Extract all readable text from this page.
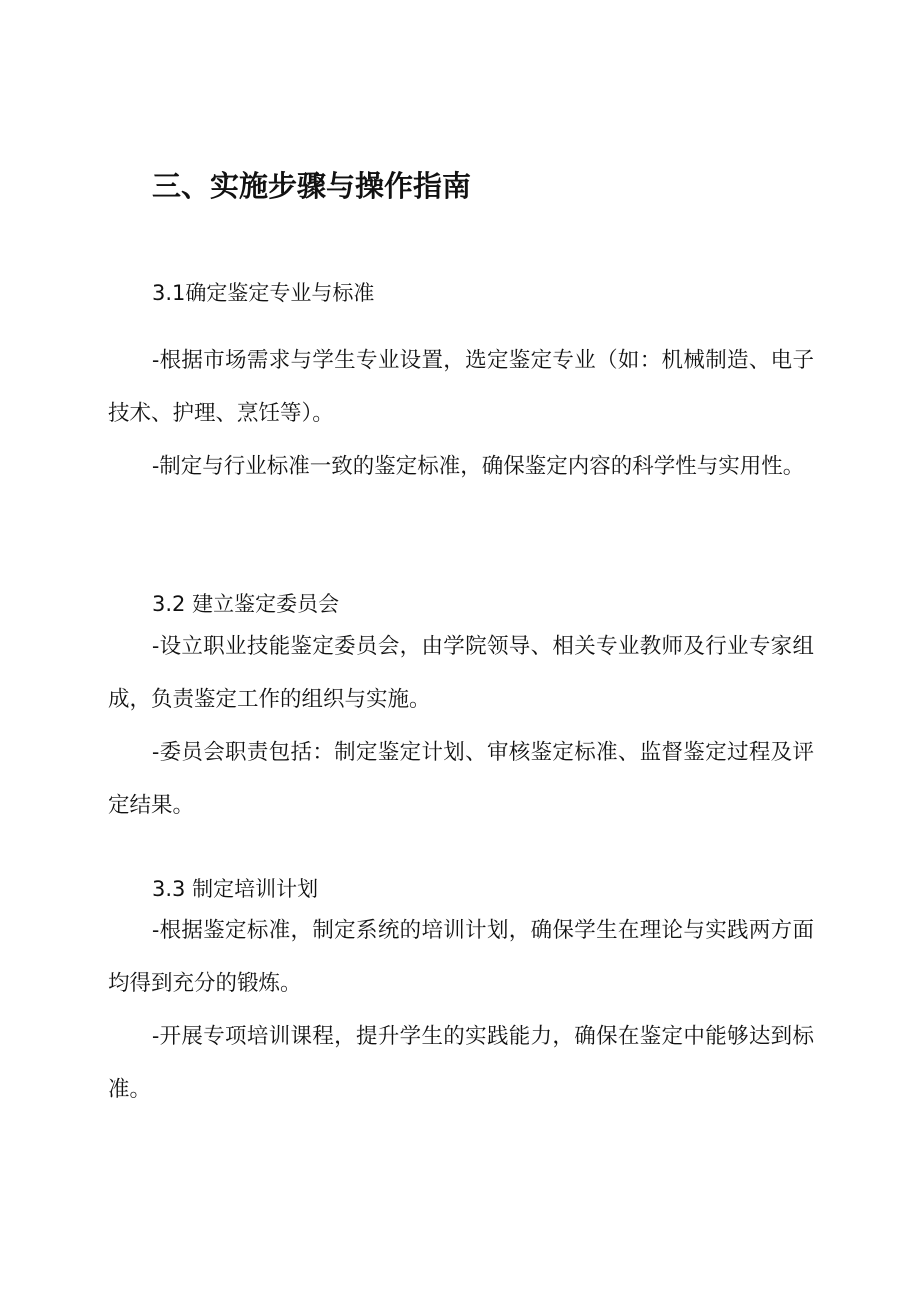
三、实施步骤与操作指南
3.1确定鉴定专业与标准

-根据市场需求与学生专业设置，选定鉴定专业（如：机械制造、电子技术、护理、烹饪等）。

-制定与行业标准一致的鉴定标准，确保鉴定内容的科学性与实用性。

3.2 建立鉴定委员会

-设立职业技能鉴定委员会，由学院领导、相关专业教师及行业专家组成，负责鉴定工作的组织与实施。

-委员会职责包括：制定鉴定计划、审核鉴定标准、监督鉴定过程及评定结果。

3.3 制定培训计划

-根据鉴定标准，制定系统的培训计划，确保学生在理论与实践两方面均得到充分的锻炼。

-开展专项培训课程，提升学生的实践能力，确保在鉴定中能够达到标准。
